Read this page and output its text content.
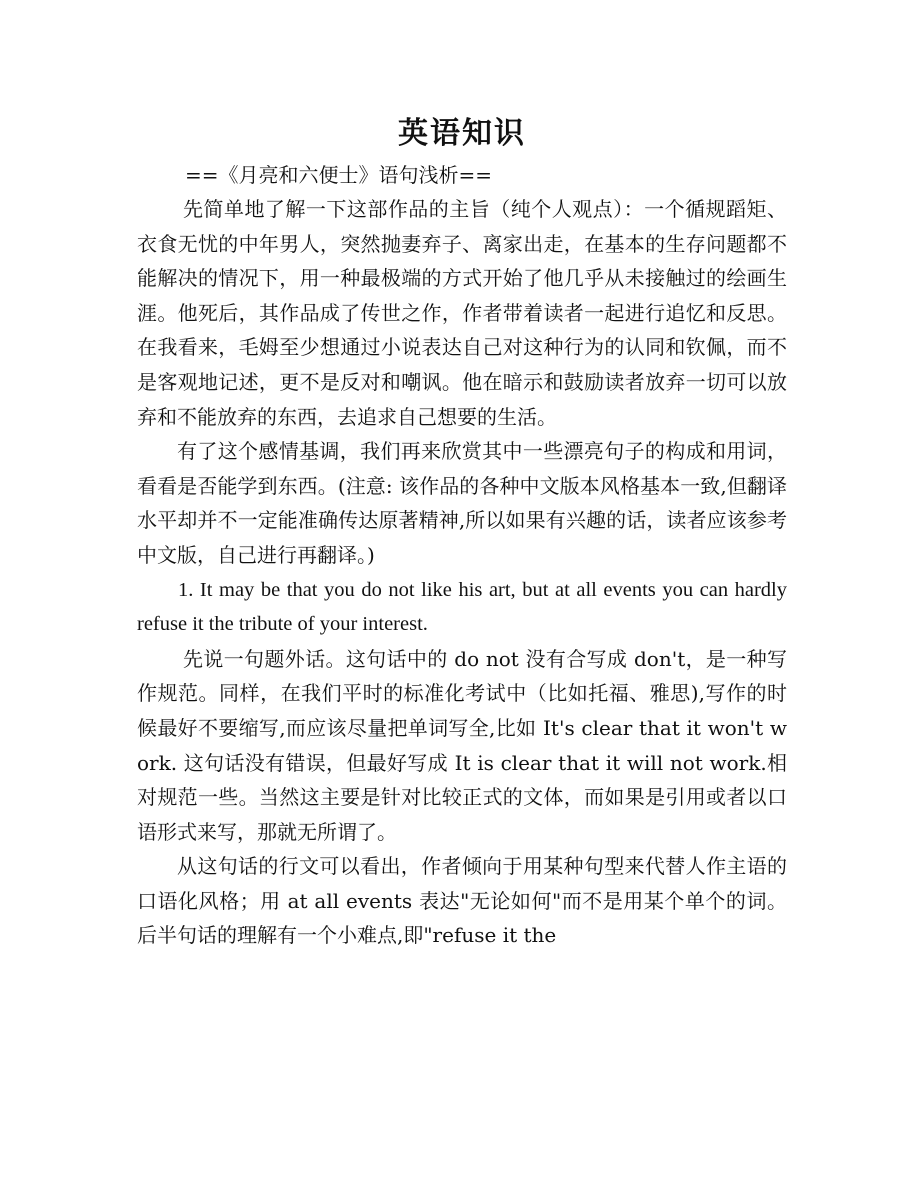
英语知识

==《月亮和六便士》语句浅析==

先简单地了解一下这部作品的主旨（纯个人观点）：一个循规蹈矩、衣食无忧的中年男人，突然抛妻弃子、离家出走，在基本的生存问题都不能解决的情况下，用一种最极端的方式开始了他几乎从未接触过的绘画生涯。他死后，其作品成了传世之作，作者带着读者一起进行追忆和反思。在我看来，毛姆至少想通过小说表达自己对这种行为的认同和钦佩，而不是客观地记述，更不是反对和嘲讽。他在暗示和鼓励读者放弃一切可以放弃和不能放弃的东西，去追求自己想要的生活。

有了这个感情基调，我们再来欣赏其中一些漂亮句子的构成和用词，看看是否能学到东西。(注意: 该作品的各种中文版本风格基本一致,但翻译水平却并不一定能准确传达原著精神,所以如果有兴趣的话，读者应该参考中文版，自己进行再翻译。)

1. It may be that you do not like his art, but at all events you can hardly refuse it the tribute of your interest.

先说一句题外话。这句话中的 do not 没有合写成 don't，是一种写作规范。同样，在我们平时的标准化考试中（比如托福、雅思),写作的时候最好不要缩写,而应该尽量把单词写全,比如 It's clear that it won't work. 这句话没有错误，但最好写成 It is clear that it will not work.相对规范一些。当然这主要是针对比较正式的文体，而如果是引用或者以口语形式来写，那就无所谓了。

从这句话的行文可以看出，作者倾向于用某种句型来代替人作主语的口语化风格；用 at all events 表达"无论如何"而不是用某个单个的词。后半句话的理解有一个小难点,即"refuse it the
